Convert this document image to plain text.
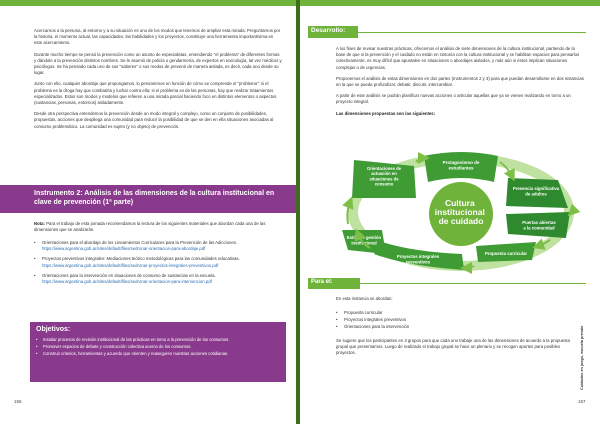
Acercarnos a la persona, al entorno y a su situación es uno de los modos que tenemos de ampliar esta mirada. Preguntarnos por la historia, el momento actual, las capacidades, las habilidades y los proyectos, constituye una herramienta importantísima en este acercamiento.

Durante mucho tiempo se pensó la prevención como un asunto de especialistas, entendiendo "el problema" de diferentes formas y dándole a la prevención distintos nombres. Se le asumió de policía o gendarmería, de expertos en toxicología, tal vez médicos y psicólogos. Se ha pensado cada uno de sus "saberes" o sus modos de prevenir de manera aislada, es decir, cada uno desde su lugar.

Junto con ello, cualquier abordaje que propongamos, lo pensaremos en función de cómo se comprende el "problema": si el problema es la droga hay que combatirla y luchar contra ella; si el problema es de las personas, hay que realizar tratamientos especializados. Estos son modos y modelos que refieren a una mirada parcial haciendo foco en distintos elementos o aspectos (sustancias, personas, entornos) aisladamente.

Desde otra perspectiva entendemos la prevención desde un modo integral y complejo, como un conjunto de posibilidades, propuestas, acciones que despliega una comunidad para reducir la posibilidad de que se den en ella situaciones asociadas al consumo problemático. La comunidad es sujeto (y no objeto) de prevención.

Instrumento 2: Análisis de las dimensiones de la cultura institucional en clave de prevención (1ª parte)
Nota: Para el trabajo de esta jornada recomendamos la lectura de los siguientes materiales que abordan cada una de las dimensiones que se analizarán.
• Orientaciones para el abordaje de los Lineamientos Curriculares para la Prevención de las Adicciones.
https://www.argentina.gob.ar/sites/default/files/sedronar-orientacion-para-abordaje.pdf
• Proyectos preventivos integrales: Mediaciones teórico metodológicas para las comunidades educativas.
https://www.argentina.gob.ar/sites/default/files/sedronar-proyectos-integrales-preventivos.pdf
• Orientaciones para la intervención en situaciones de consumo de sustancias en la escuela.
https://www.argentina.gob.ar/sites/default/files/sedronar-orientacion-para-intervencion.pdf
Objetivos:
• Instalar procesos de revisión institucional de las prácticas en torno a la prevención de los consumos.
• Promover espacios de debate y construcción colectiva acerca de los consumos.
• Construir criterios, herramientas y acuerdo que orienten y reaseguren nuestras acciones cotidianas.
156
Desarrollo:

A los fines de revisar nuestras prácticas, ofrecemos el análisis de siete dimensiones de la cultura institucional, partiendo de la base de que si la prevención y el cuidado no están en sintonía con la cultura institucional y se habilitan espacios para pensarlos colectivamente, es muy difícil que apuntalen en situaciones o abordajes aislados, y más aún si éstos implican situaciones complejas o de urgencias.

Proponemos el análisis de estas dimensiones en dos partes (Instrumentos 2 y 3) para que puedan desarrollarse en dos instancias en la que se pueda profundizar, debatir, discutir, intercambiar.

A partir de este análisis se podrán planificar nuevas acciones o articular aquellas que ya se vienen realizando en torno a un proyecto integral.

Las dimensiones propuestas son las siguientes:

Cultura institucional de cuidado
Protagonismo de estudiantes
Presencia significativa de adultos
Puertas abiertas a la comunidad
Propuesta curricular
Proyectos integrales preventivos
Estilo de gestión institucional
Orientaciones de actuación en situaciones de consumo
Para el:
En esta instancia se abordan:
• Propuesta curricular
• Proyectos integrales preventivos
• Orientaciones para la intervención
Se sugiere que los participantes en 3 grupos para que cada uno trabaje una de las dimensiones de acuerdo a la propuesta grupal que presentamos. Luego de realizado el trabajo grupal se hace un plenario y se recogen aportes para posibles proyectos.	Cuidados en juego, escuela prevale
157
